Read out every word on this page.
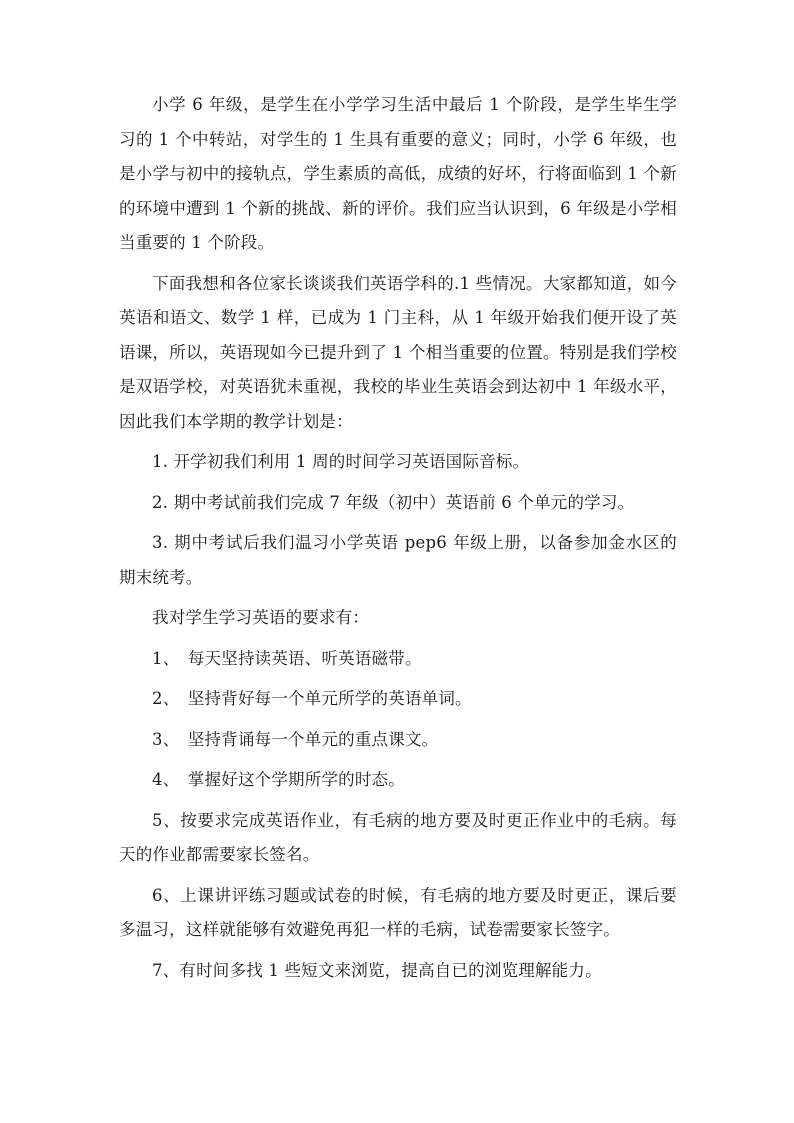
小学 6 年级，是学生在小学学习生活中最后 1 个阶段，是学生毕生学习的 1 个中转站，对学生的 1 生具有重要的意义；同时，小学 6 年级，也是小学与初中的接轨点，学生素质的高低，成绩的好坏，行将面临到 1 个新的环境中遭到 1 个新的挑战、新的评价。我们应当认识到，6 年级是小学相当重要的 1 个阶段。

下面我想和各位家长谈谈我们英语学科的.1 些情况。大家都知道，如今英语和语文、数学 1 样，已成为 1 门主科，从 1 年级开始我们便开设了英语课，所以，英语现如今已提升到了 1 个相当重要的位置。特别是我们学校是双语学校，对英语犹未重视，我校的毕业生英语会到达初中 1 年级水平，因此我们本学期的教学计划是：

1. 开学初我们利用 1 周的时间学习英语国际音标。

2. 期中考试前我们完成 7 年级（初中）英语前 6 个单元的学习。

3. 期中考试后我们温习小学英语 pep6 年级上册，以备参加金水区的期末统考。

我对学生学习英语的要求有：

1、　每天坚持读英语、听英语磁带。

2、　坚持背好每一个单元所学的英语单词。

3、　坚持背诵每一个单元的重点课文。

4、　掌握好这个学期所学的时态。

5、按要求完成英语作业，有毛病的地方要及时更正作业中的毛病。每天的作业都需要家长签名。

6、上课讲评练习题或试卷的时候，有毛病的地方要及时更正，课后要多温习，这样就能够有效避免再犯一样的毛病，试卷需要家长签字。

7、有时间多找 1 些短文来浏览，提高自已的浏览理解能力。
